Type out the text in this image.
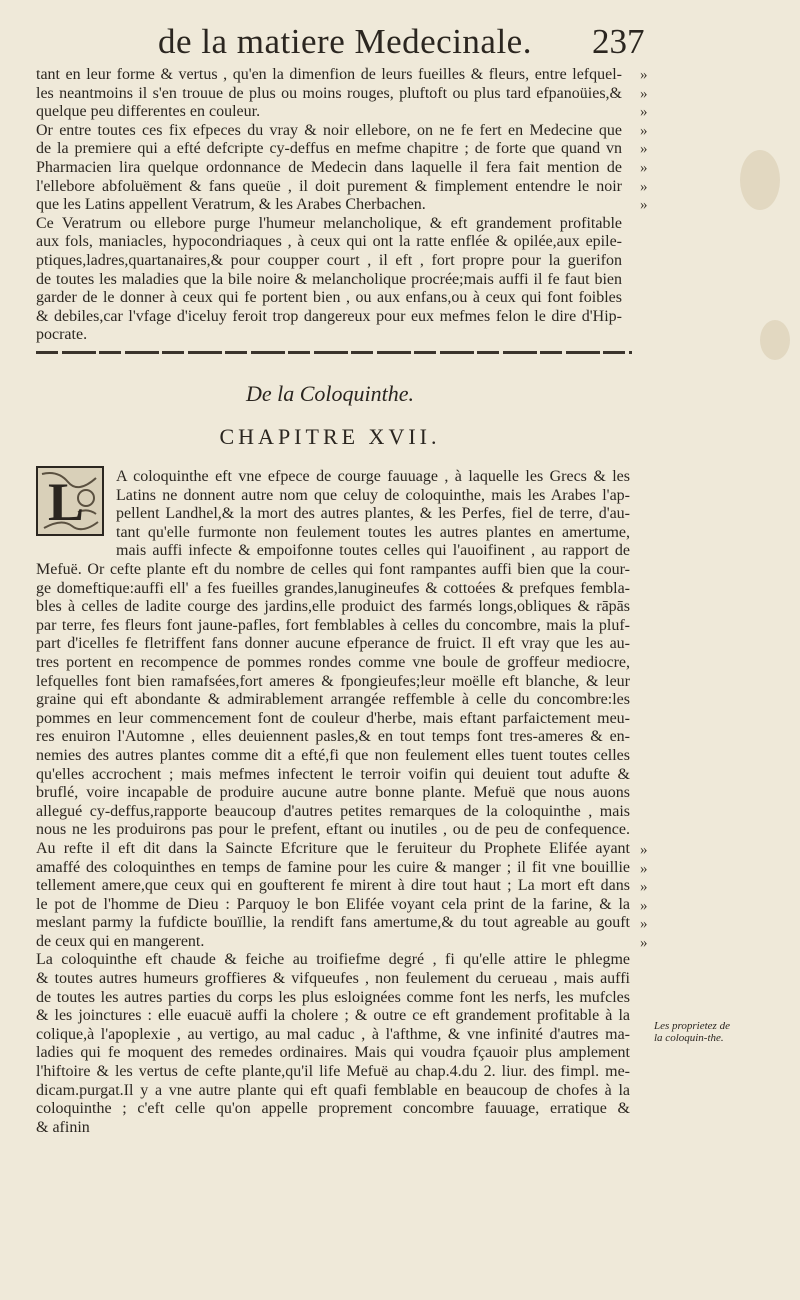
de la matiere Medecinale. 237
tant en leur forme & vertus , qu'en la dimenfion de leurs fueilles & fleurs, entre lefquel-
les neantmoins il s'en trouue de plus ou moins rouges, pluftoft ou plus tard efpanoüies,&
quelque peu differentes en couleur.
Or entre toutes ces fix efpeces du vray & noir ellebore, on ne fe fert en Medecine que
de la premiere qui a efté defcripte cy-deffus en mefme chapitre ; de forte que quand vn
Pharmacien lira quelque ordonnance de Medecin dans laquelle il fera fait mention de
l'ellebore abfoluëment & fans queüe , il doit purement & fimplement entendre le noir
que les Latins appellent Veratrum, & les Arabes Cherbachen.
Ce Veratrum ou ellebore purge l'humeur melancholique, & eft grandement profitable
aux fols, maniacles, hypocondriaques , à ceux qui ont la ratte enflée & opilée,aux epile-
ptiques,ladres,quartanaires,& pour coupper court , il eft , fort propre pour la guerifon
de toutes les maladies que la bile noire & melancholique procrée;mais auffi il fe faut bien
garder de le donner à ceux qui fe portent bien , ou aux enfans,ou à ceux qui font foibles
& debiles,car l'vfage d'iceluy feroit trop dangereux pour eux mefmes felon le dire d'Hip-
pocrate.
»
»
»
»
»
»
»
»
De la Coloquinthe.
CHAPITRE XVII.
L A coloquinthe eft vne efpece de courge fauuage , à laquelle les Grecs & les
Latins ne donnent autre nom que celuy de coloquinthe, mais les Arabes l'ap-
pellent Landhel,& la mort des autres plantes, & les Perfes, fiel de terre, d'au-
tant qu'elle furmonte non feulement toutes les autres plantes en amertume,
mais auffi infecte & empoifonne toutes celles qui l'auoifinent , au rapport de
Mefuë. Or cefte plante eft du nombre de celles qui font rampantes auffi bien que la cour-
ge domeftique:auffi ell' a fes fueilles grandes,lanugineufes & cottoées & prefques fembla-
bles à celles de ladite courge des jardins,elle produict des farmés longs,obliques & rāpās
par terre, fes fleurs font jaune-pafles, fort femblables à celles du concombre, mais la pluf-
part d'icelles fe fletriffent fans donner aucune efperance de fruict. Il eft vray que les au-
tres portent en recompence de pommes rondes comme vne boule de groffeur mediocre,
lefquelles font bien ramafsées,fort ameres & fpongieufes;leur moëlle eft blanche, & leur
graine qui eft abondante & admirablement arrangée reffemble à celle du concombre:les
pommes en leur commencement font de couleur d'herbe, mais eftant parfaictement meu-
res enuiron l'Automne , elles deuiennent pasles,& en tout temps font tres-ameres & en-
nemies des autres plantes comme dit a efté,fi que non feulement elles tuent toutes celles
qu'elles accrochent ; mais mefmes infectent le terroir voifin qui deuient tout adufte &
bruflé, voire incapable de produire aucune autre bonne plante. Mefuë que nous auons
allegué cy-deffus,rapporte beaucoup d'autres petites remarques de la coloquinthe , mais
nous ne les produirons pas pour le prefent, eftant ou inutiles , ou de peu de confequence.
Au refte il eft dit dans la Saincte Efcriture que le feruiteur du Prophete Elifée ayant
amaffé des coloquinthes en temps de famine pour les cuire & manger ; il fit vne bouillie
tellement amere,que ceux qui en goufterent fe mirent à dire tout haut ; La mort eft dans
le pot de l'homme de Dieu : Parquoy le bon Elifée voyant cela print de la farine, & la
meslant parmy la fufdicte bouïllie, la rendift fans amertume,& du tout agreable au gouft
de ceux qui en mangerent.
La coloquinthe eft chaude & feiche au troifiefme degré , fi qu'elle attire le phlegme
& toutes autres humeurs groffieres & vifqueufes , non feulement du cerueau , mais auffi
de toutes les autres parties du corps les plus esloignées comme font les nerfs, les mufcles
& les joinctures : elle euacuë auffi la cholere ; & outre ce eft grandement profitable à la
colique,à l'apoplexie , au vertigo, au mal caduc , à l'afthme, & vne infinité d'autres ma-
ladies qui fe moquent des remedes ordinaires. Mais qui voudra fçauoir plus amplement
l'hiftoire & les vertus de cefte plante,qu'il life Mefuë au chap.4.du 2. liur. des fimpl. me-
dicam.purgat.Il y a vne autre plante qui eft quafi femblable en beaucoup de chofes à la
coloquinthe ; c'eft celle qu'on appelle proprement concombre fauuage, erratique &
& afinin
»
»
»
»
»
»
Les proprietez de la coloquin-the.
